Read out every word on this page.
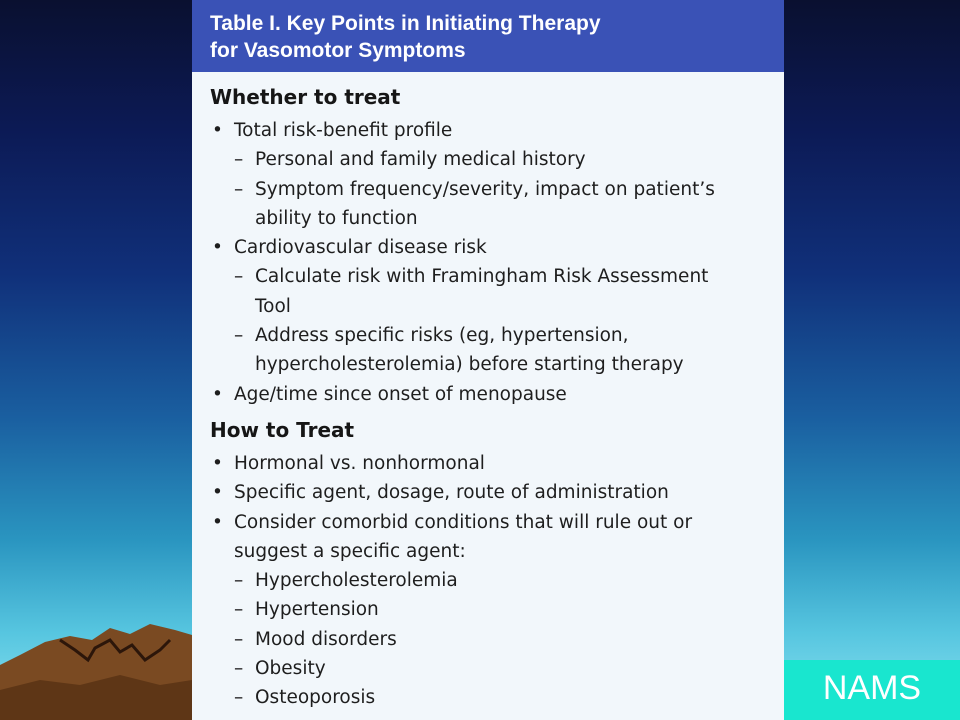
Table I. Key Points in Initiating Therapy
for Vasomotor Symptoms
Whether to treat
• Total risk-benefit profile
– Personal and family medical history
– Symptom frequency/severity, impact on patient’s
ability to function
• Cardiovascular disease risk
– Calculate risk with Framingham Risk Assessment
Tool
– Address specific risks (eg, hypertension,
hypercholesterolemia) before starting therapy
• Age/time since onset of menopause
How to Treat
• Hormonal vs. nonhormonal
• Specific agent, dosage, route of administration
• Consider comorbid conditions that will rule out or
suggest a specific agent:
– Hypercholesterolemia
– Hypertension
– Mood disorders
– Obesity
– Osteoporosis	NAMS
